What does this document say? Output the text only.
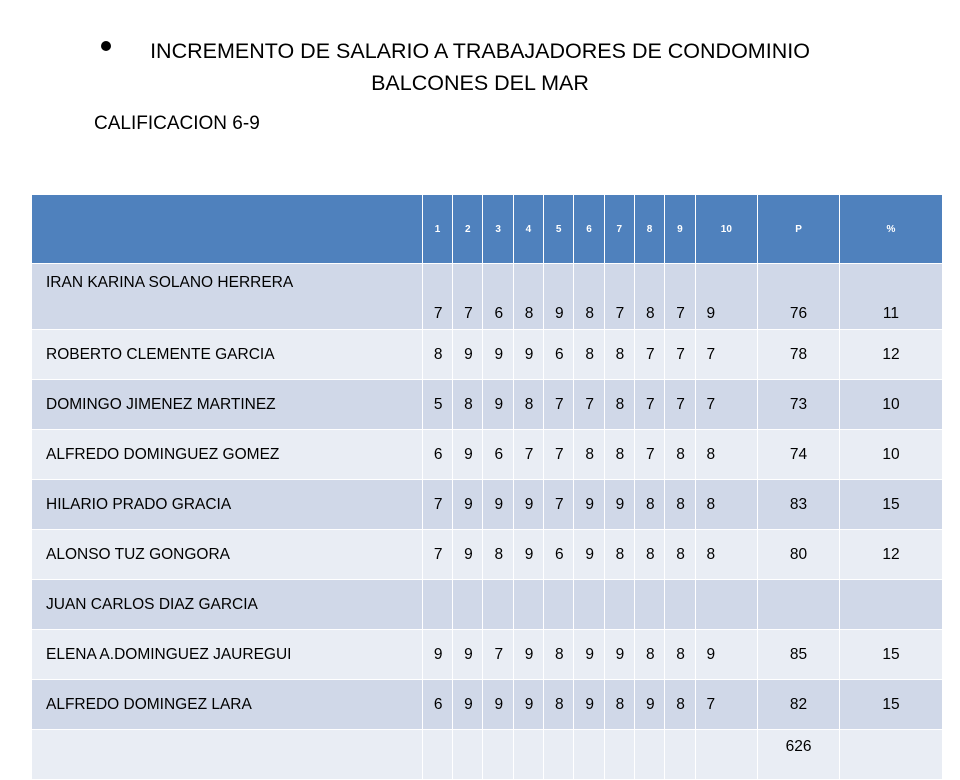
INCREMENTO DE SALARIO A TRABAJADORES DE CONDOMINIO
BALCONES DEL MAR
CALIFICACION 6-9
	1	2	3	4	5	6	7	8	9	10	P	%
IRAN KARINA SOLANO HERRERA	7	7	6	8	9	8	7	8	7	9	76	11
ROBERTO CLEMENTE GARCIA	8	9	9	9	6	8	8	7	7	7	78	12
DOMINGO JIMENEZ MARTINEZ	5	8	9	8	7	7	8	7	7	7	73	10
ALFREDO DOMINGUEZ GOMEZ	6	9	6	7	7	8	8	7	8	8	74	10
HILARIO PRADO GRACIA	7	9	9	9	7	9	9	8	8	8	83	15
ALONSO TUZ GONGORA	7	9	8	9	6	9	8	8	8	8	80	12
JUAN CARLOS DIAZ GARCIA												
ELENA A.DOMINGUEZ JAUREGUI	9	9	7	9	8	9	9	8	8	9	85	15
ALFREDO DOMINGEZ LARA	6	9	9	9	8	9	8	9	8	7	82	15
											626	
